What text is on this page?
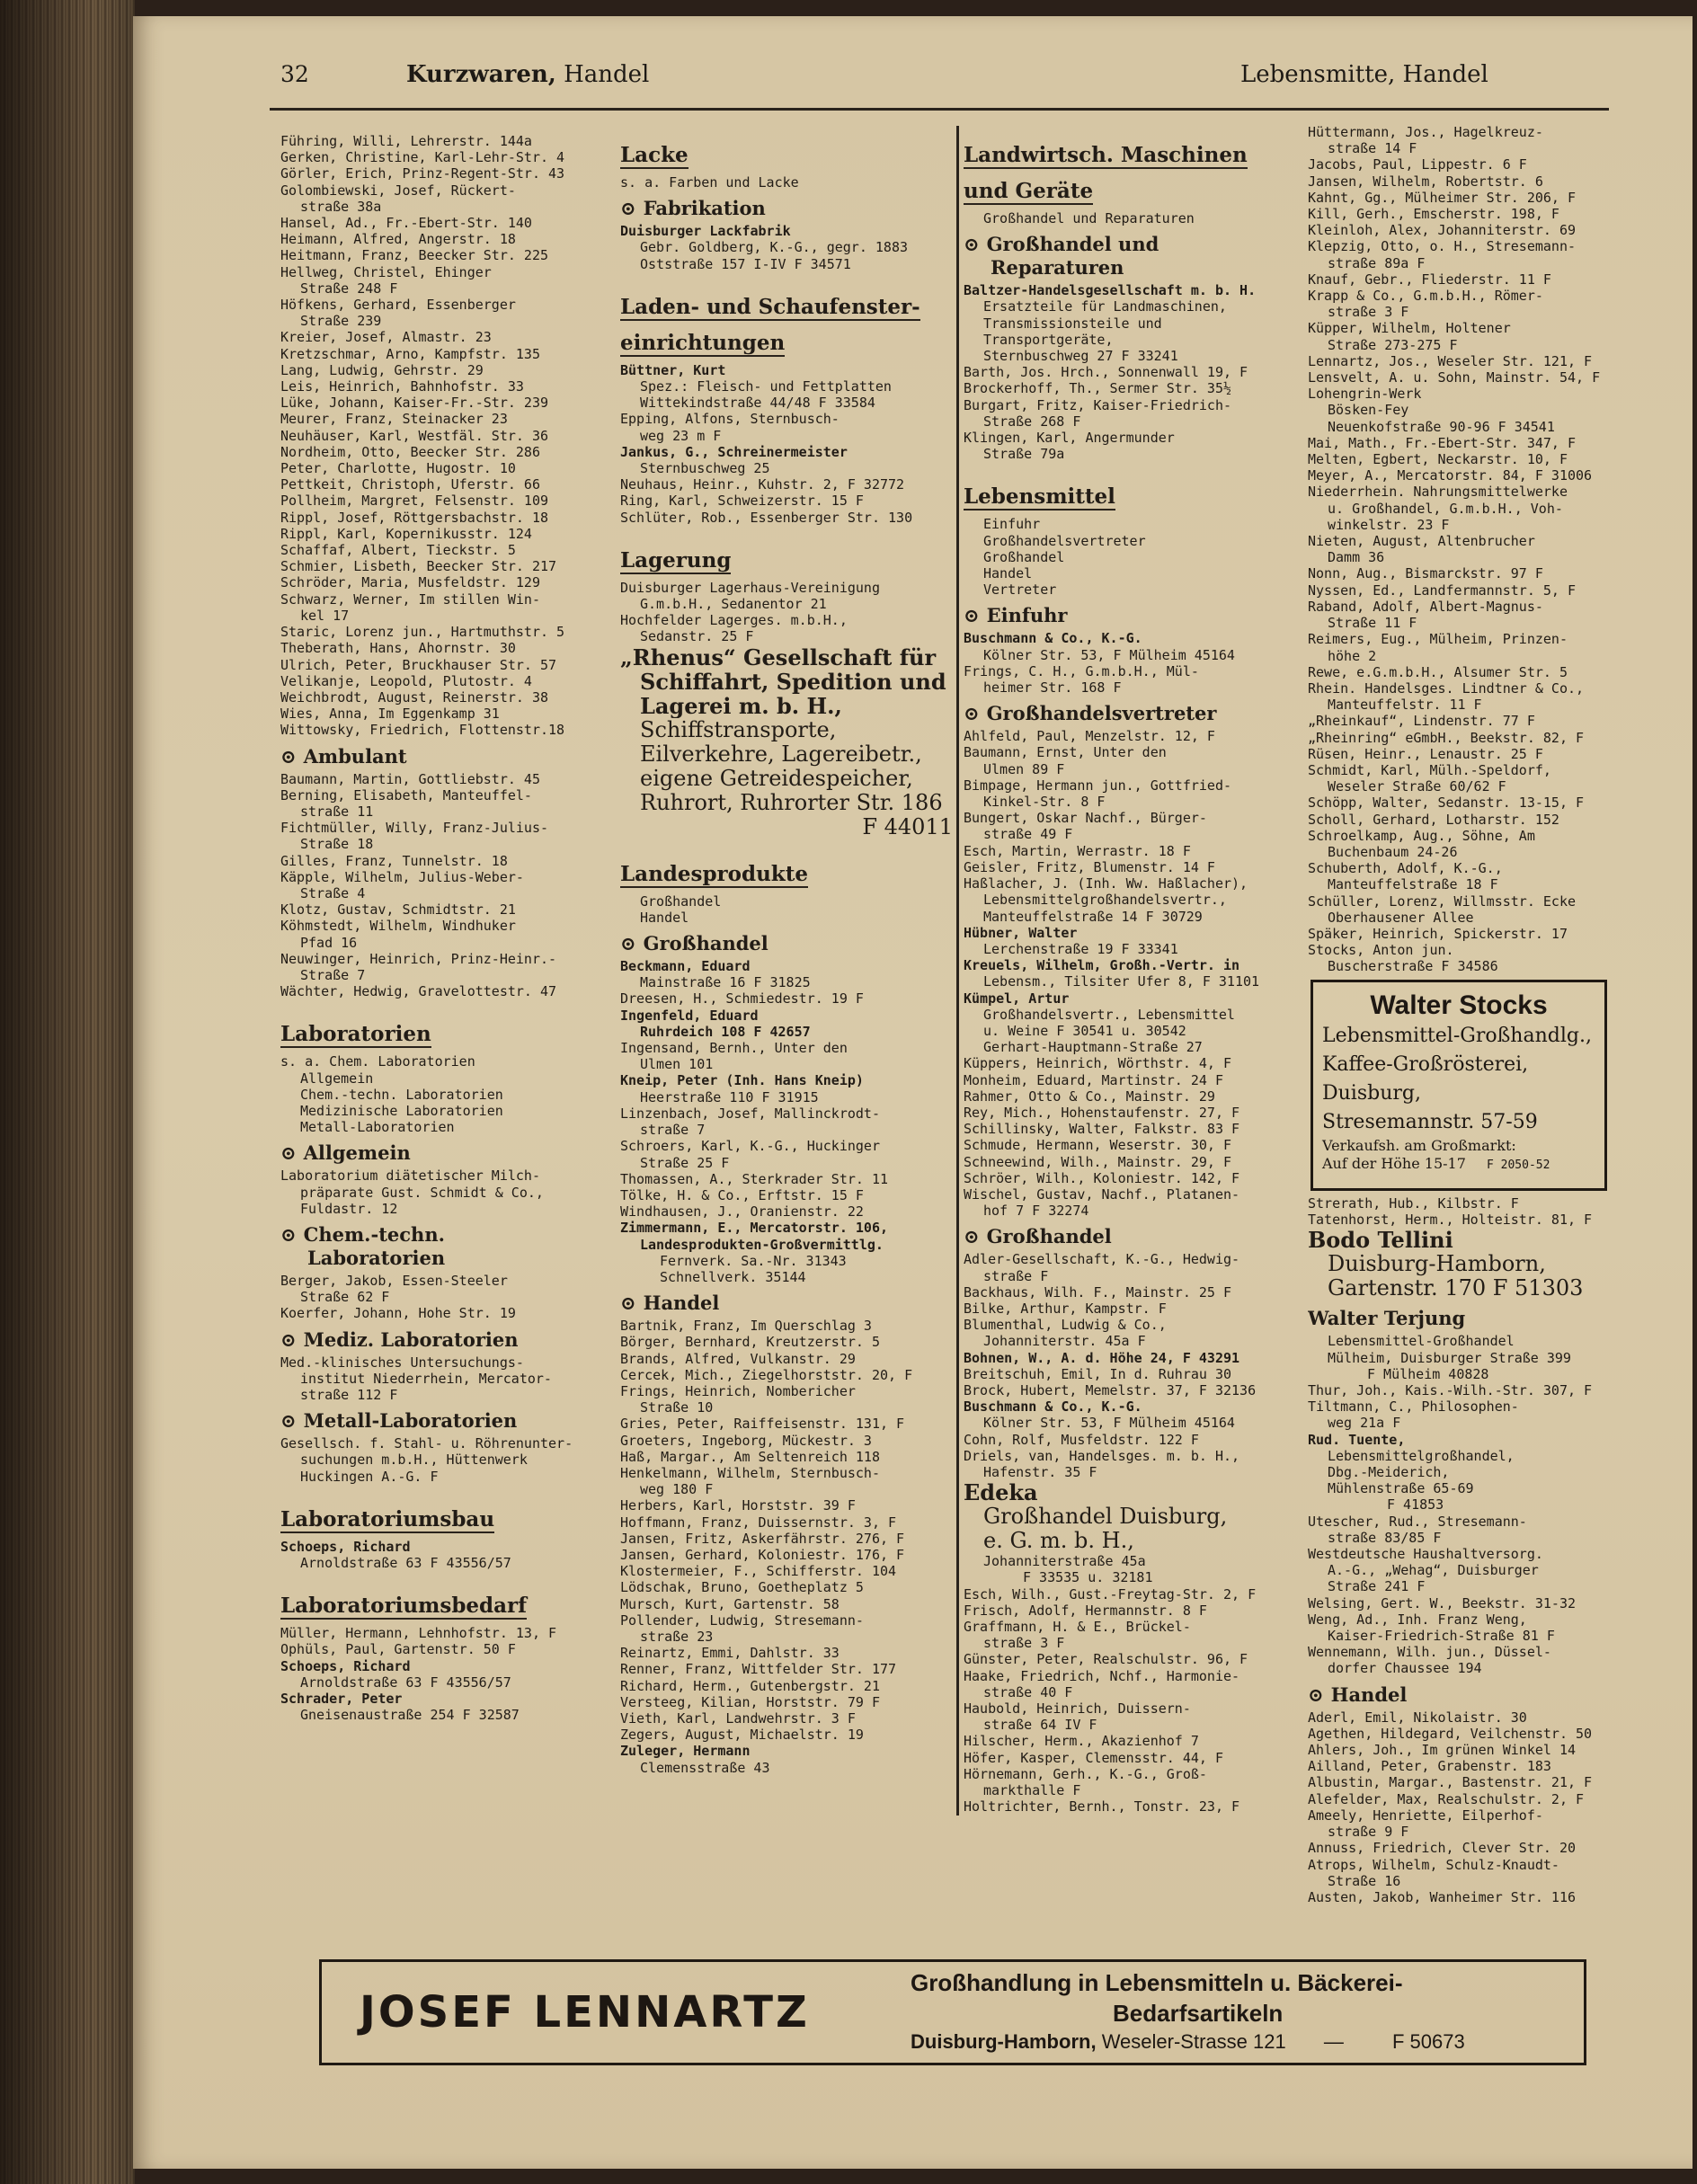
32	Kurzwaren, Handel	Lebensmitte, Handel
Führing, Willi, Lehrerstr. 144a
Gerken, Christine, Karl-Lehr-Str. 4
Görler, Erich, Prinz-Regent-Str. 43
Golombiewski, Josef, Rückert-
straße 38a
Hansel, Ad., Fr.-Ebert-Str. 140
Heimann, Alfred, Angerstr. 18
Heitmann, Franz, Beecker Str. 225
Hellweg, Christel, Ehinger
Straße 248 F
Höfkens, Gerhard, Essenberger
Straße 239
Kreier, Josef, Almastr. 23
Kretzschmar, Arno, Kampfstr. 135
Lang, Ludwig, Gehrstr. 29
Leis, Heinrich, Bahnhofstr. 33
Lüke, Johann, Kaiser-Fr.-Str. 239
Meurer, Franz, Steinacker 23
Neuhäuser, Karl, Westfäl. Str. 36
Nordheim, Otto, Beecker Str. 286
Peter, Charlotte, Hugostr. 10
Pettkeit, Christoph, Uferstr. 66
Pollheim, Margret, Felsenstr. 109
Rippl, Josef, Röttgersbachstr. 18
Rippl, Karl, Kopernikusstr. 124
Schaffaf, Albert, Tieckstr. 5
Schmier, Lisbeth, Beecker Str. 217
Schröder, Maria, Musfeldstr. 129
Schwarz, Werner, Im stillen Win-
kel 17
Staric, Lorenz jun., Hartmuthstr. 5
Theberath, Hans, Ahornstr. 30
Ulrich, Peter, Bruckhauser Str. 57
Velikanje, Leopold, Plutostr. 4
Weichbrodt, August, Reinerstr. 38
Wies, Anna, Im Eggenkamp 31
Wittowsky, Friedrich, Flottenstr.18
⊙ Ambulant
Baumann, Martin, Gottliebstr. 45
Berning, Elisabeth, Manteuffel-
straße 11
Fichtmüller, Willy, Franz-Julius-
Straße 18
Gilles, Franz, Tunnelstr. 18
Käpple, Wilhelm, Julius-Weber-
Straße 4
Klotz, Gustav, Schmidtstr. 21
Köhmstedt, Wilhelm, Windhuker
Pfad 16
Neuwinger, Heinrich, Prinz-Heinr.-
Straße 7
Wächter, Hedwig, Gravelottestr. 47
Laboratorien
s. a. Chem. Laboratorien
Allgemein
Chem.-techn. Laboratorien
Medizinische Laboratorien
Metall-Laboratorien
⊙ Allgemein
Laboratorium diätetischer Milch-
präparate Gust. Schmidt & Co.,
Fuldastr. 12
⊙ Chem.-techn.
Laboratorien
Berger, Jakob, Essen-Steeler
Straße 62 F
Koerfer, Johann, Hohe Str. 19
⊙ Mediz. Laboratorien
Med.-klinisches Untersuchungs-
institut Niederrhein, Mercator-
straße 112 F
⊙ Metall-Laboratorien
Gesellsch. f. Stahl- u. Röhrenunter-
suchungen m.b.H., Hüttenwerk
Huckingen A.-G. F
Laboratoriumsbau
Schoeps, Richard
Arnoldstraße 63 F 43556/57
Laboratoriumsbedarf
Müller, Hermann, Lehnhofstr. 13, F
Ophüls, Paul, Gartenstr. 50 F
Schoeps, Richard
Arnoldstraße 63 F 43556/57
Schrader, Peter
Gneisenaustraße 254 F 32587
Lacke
s. a. Farben und Lacke
⊙ Fabrikation
Duisburger Lackfabrik
Gebr. Goldberg, K.-G., gegr. 1883
Oststraße 157 I-IV F 34571
Laden- und Schaufenster-
einrichtungen
Büttner, Kurt
Spez.: Fleisch- und Fettplatten
Wittekindstraße 44/48 F 33584
Epping, Alfons, Sternbusch-
weg 23 m F
Jankus, G., Schreinermeister
Sternbuschweg 25
Neuhaus, Heinr., Kuhstr. 2, F 32772
Ring, Karl, Schweizerstr. 15 F
Schlüter, Rob., Essenberger Str. 130
Lagerung
Duisburger Lagerhaus-Vereinigung
G.m.b.H., Sedanentor 21
Hochfelder Lagerges. m.b.H.,
Sedanstr. 25 F
„Rhenus“ Gesellschaft für
Schiffahrt, Spedition und
Lagerei m. b. H.,
Schiffstransporte,
Eilverkehre, Lagereibetr.,
eigene Getreidespeicher,
Ruhrort, Ruhrorter Str. 186
F 44011
Landesprodukte
Großhandel
Handel
⊙ Großhandel
Beckmann, Eduard
Mainstraße 16 F 31825
Dreesen, H., Schmiedestr. 19 F
Ingenfeld, Eduard
Ruhrdeich 108 F 42657
Ingensand, Bernh., Unter den
Ulmen 101
Kneip, Peter (Inh. Hans Kneip)
Heerstraße 110 F 31915
Linzenbach, Josef, Mallinckrodt-
straße 7
Schroers, Karl, K.-G., Huckinger
Straße 25 F
Thomassen, A., Sterkrader Str. 11
Tölke, H. & Co., Erftstr. 15 F
Windhausen, J., Oranienstr. 22
Zimmermann, E., Mercatorstr. 106,
Landesprodukten-Großvermittlg.
Fernverk. Sa.-Nr. 31343
Schnellverk. 35144
⊙ Handel
Bartnik, Franz, Im Querschlag 3
Börger, Bernhard, Kreutzerstr. 5
Brands, Alfred, Vulkanstr. 29
Cercek, Mich., Ziegelhorststr. 20, F
Frings, Heinrich, Nombericher
Straße 10
Gries, Peter, Raiffeisenstr. 131, F
Groeters, Ingeborg, Mückestr. 3
Haß, Margar., Am Seltenreich 118
Henkelmann, Wilhelm, Sternbusch-
weg 180 F
Herbers, Karl, Horststr. 39 F
Hoffmann, Franz, Duissernstr. 3, F
Jansen, Fritz, Askerfährstr. 276, F
Jansen, Gerhard, Koloniestr. 176, F
Klostermeier, F., Schifferstr. 104
Lödschak, Bruno, Goetheplatz 5
Mursch, Kurt, Gartenstr. 58
Pollender, Ludwig, Stresemann-
straße 23
Reinartz, Emmi, Dahlstr. 33
Renner, Franz, Wittfelder Str. 177
Richard, Herm., Gutenbergstr. 21
Versteeg, Kilian, Horststr. 79 F
Vieth, Karl, Landwehrstr. 3 F
Zegers, August, Michaelstr. 19
Zuleger, Hermann
Clemensstraße 43
Landwirtsch. Maschinen
und Geräte
Großhandel und Reparaturen
⊙ Großhandel und
Reparaturen
Baltzer-Handelsgesellschaft m. b. H.
Ersatzteile für Landmaschinen,
Transmissionsteile und
Transportgeräte,
Sternbuschweg 27 F 33241
Barth, Jos. Hrch., Sonnenwall 19, F
Brockerhoff, Th., Sermer Str. 35½
Burgart, Fritz, Kaiser-Friedrich-
Straße 268 F
Klingen, Karl, Angermunder
Straße 79a
Lebensmittel
Einfuhr
Großhandelsvertreter
Großhandel
Handel
Vertreter
⊙ Einfuhr
Buschmann & Co., K.-G.
Kölner Str. 53, F Mülheim 45164
Frings, C. H., G.m.b.H., Mül-
heimer Str. 168 F
⊙ Großhandelsvertreter
Ahlfeld, Paul, Menzelstr. 12, F
Baumann, Ernst, Unter den
Ulmen 89 F
Bimpage, Hermann jun., Gottfried-
Kinkel-Str. 8 F
Bungert, Oskar Nachf., Bürger-
straße 49 F
Esch, Martin, Werrastr. 18 F
Geisler, Fritz, Blumenstr. 14 F
Haßlacher, J. (Inh. Ww. Haßlacher),
Lebensmittelgroßhandelsvertr.,
Manteuffelstraße 14 F 30729
Hübner, Walter
Lerchenstraße 19 F 33341
Kreuels, Wilhelm, Großh.-Vertr. in
Lebensm., Tilsiter Ufer 8, F 31101
Kümpel, Artur
Großhandelsvertr., Lebensmittel
u. Weine F 30541 u. 30542
Gerhart-Hauptmann-Straße 27
Küppers, Heinrich, Wörthstr. 4, F
Monheim, Eduard, Martinstr. 24 F
Rahmer, Otto & Co., Mainstr. 29
Rey, Mich., Hohenstaufenstr. 27, F
Schillinsky, Walter, Falkstr. 83 F
Schmude, Hermann, Weserstr. 30, F
Schneewind, Wilh., Mainstr. 29, F
Schröer, Wilh., Koloniestr. 142, F
Wischel, Gustav, Nachf., Platanen-
hof 7 F 32274
⊙ Großhandel
Adler-Gesellschaft, K.-G., Hedwig-
straße F
Backhaus, Wilh. F., Mainstr. 25 F
Bilke, Arthur, Kampstr. F
Blumenthal, Ludwig & Co.,
Johanniterstr. 45a F
Bohnen, W., A. d. Höhe 24, F 43291
Breitschuh, Emil, In d. Ruhrau 30
Brock, Hubert, Memelstr. 37, F 32136
Buschmann & Co., K.-G.
Kölner Str. 53, F Mülheim 45164
Cohn, Rolf, Musfeldstr. 122 F
Driels, van, Handelsges. m. b. H.,
Hafenstr. 35 F
Edeka
Großhandel Duisburg,
e. G. m. b. H.,
Johanniterstraße 45a
F 33535 u. 32181
Esch, Wilh., Gust.-Freytag-Str. 2, F
Frisch, Adolf, Hermannstr. 8 F
Graffmann, H. & E., Brückel-
straße 3 F
Günster, Peter, Realschulstr. 96, F
Haake, Friedrich, Nchf., Harmonie-
straße 40 F
Haubold, Heinrich, Duissern-
straße 64 IV F
Hilscher, Herm., Akazienhof 7
Höfer, Kasper, Clemensstr. 44, F
Hörnemann, Gerh., K.-G., Groß-
markthalle F
Holtrichter, Bernh., Tonstr. 23, F
Hüttermann, Jos., Hagelkreuz-
straße 14 F
Jacobs, Paul, Lippestr. 6 F
Jansen, Wilhelm, Robertstr. 6
Kahnt, Gg., Mülheimer Str. 206, F
Kill, Gerh., Emscherstr. 198, F
Kleinloh, Alex, Johanniterstr. 69
Klepzig, Otto, o. H., Stresemann-
straße 89a F
Knauf, Gebr., Fliederstr. 11 F
Krapp & Co., G.m.b.H., Römer-
straße 3 F
Küpper, Wilhelm, Holtener
Straße 273-275 F
Lennartz, Jos., Weseler Str. 121, F
Lensvelt, A. u. Sohn, Mainstr. 54, F
Lohengrin-Werk
Bösken-Fey
Neuenkofstraße 90-96 F 34541
Mai, Math., Fr.-Ebert-Str. 347, F
Melten, Egbert, Neckarstr. 10, F
Meyer, A., Mercatorstr. 84, F 31006
Niederrhein. Nahrungsmittelwerke
u. Großhandel, G.m.b.H., Voh-
winkelstr. 23 F
Nieten, August, Altenbrucher
Damm 36
Nonn, Aug., Bismarckstr. 97 F
Nyssen, Ed., Landfermannstr. 5, F
Raband, Adolf, Albert-Magnus-
Straße 11 F
Reimers, Eug., Mülheim, Prinzen-
höhe 2
Rewe, e.G.m.b.H., Alsumer Str. 5
Rhein. Handelsges. Lindtner & Co.,
Manteuffelstr. 11 F
„Rheinkauf“, Lindenstr. 77 F
„Rheinring“ eGmbH., Beekstr. 82, F
Rüsen, Heinr., Lenaustr. 25 F
Schmidt, Karl, Mülh.-Speldorf,
Weseler Straße 60/62 F
Schöpp, Walter, Sedanstr. 13-15, F
Scholl, Gerhard, Lotharstr. 152
Schroelkamp, Aug., Söhne, Am
Buchenbaum 24-26
Schuberth, Adolf, K.-G.,
Manteuffelstraße 18 F
Schüller, Lorenz, Willmsstr. Ecke
Oberhausener Allee
Späker, Heinrich, Spickerstr. 17
Stocks, Anton jun.
Buscherstraße F 34586
Walter Stocks
Lebensmittel-Großhandlg.,
Kaffee-Großrösterei,
Duisburg,
Stresemannstr. 57-59
Verkaufsh. am Großmarkt:
Auf der Höhe 15-17 F 2050-52
Strerath, Hub., Kilbstr. F
Tatenhorst, Herm., Holteistr. 81, F
Bodo Tellini
Duisburg-Hamborn,
Gartenstr. 170 F 51303
Walter Terjung
Lebensmittel-Großhandel
Mülheim, Duisburger Straße 399
F Mülheim 40828
Thur, Joh., Kais.-Wilh.-Str. 307, F
Tiltmann, C., Philosophen-
weg 21a F
Rud. Tuente,
Lebensmittelgroßhandel,
Dbg.-Meiderich,
Mühlenstraße 65-69
F 41853
Utescher, Rud., Stresemann-
straße 83/85 F
Westdeutsche Haushaltversorg.
A.-G., „Wehag“, Duisburger
Straße 241 F
Welsing, Gert. W., Beekstr. 31-32
Weng, Ad., Inh. Franz Weng,
Kaiser-Friedrich-Straße 81 F
Wennemann, Wilh. jun., Düssel-
dorfer Chaussee 194
⊙ Handel
Aderl, Emil, Nikolaistr. 30
Agethen, Hildegard, Veilchenstr. 50
Ahlers, Joh., Im grünen Winkel 14
Ailland, Peter, Grabenstr. 183
Albustin, Margar., Bastenstr. 21, F
Alefelder, Max, Realschulstr. 2, F
Ameely, Henriette, Eilperhof-
straße 9 F
Annuss, Friedrich, Clever Str. 20
Atrops, Wilhelm, Schulz-Knaudt-
Straße 16
Austen, Jakob, Wanheimer Str. 116
JOSEF LENNARTZ
Großhandlung in Lebensmitteln u. Bäckerei-
Bedarfsartikeln
Duisburg-Hamborn, Weseler-Strasse 121 — F 50673
